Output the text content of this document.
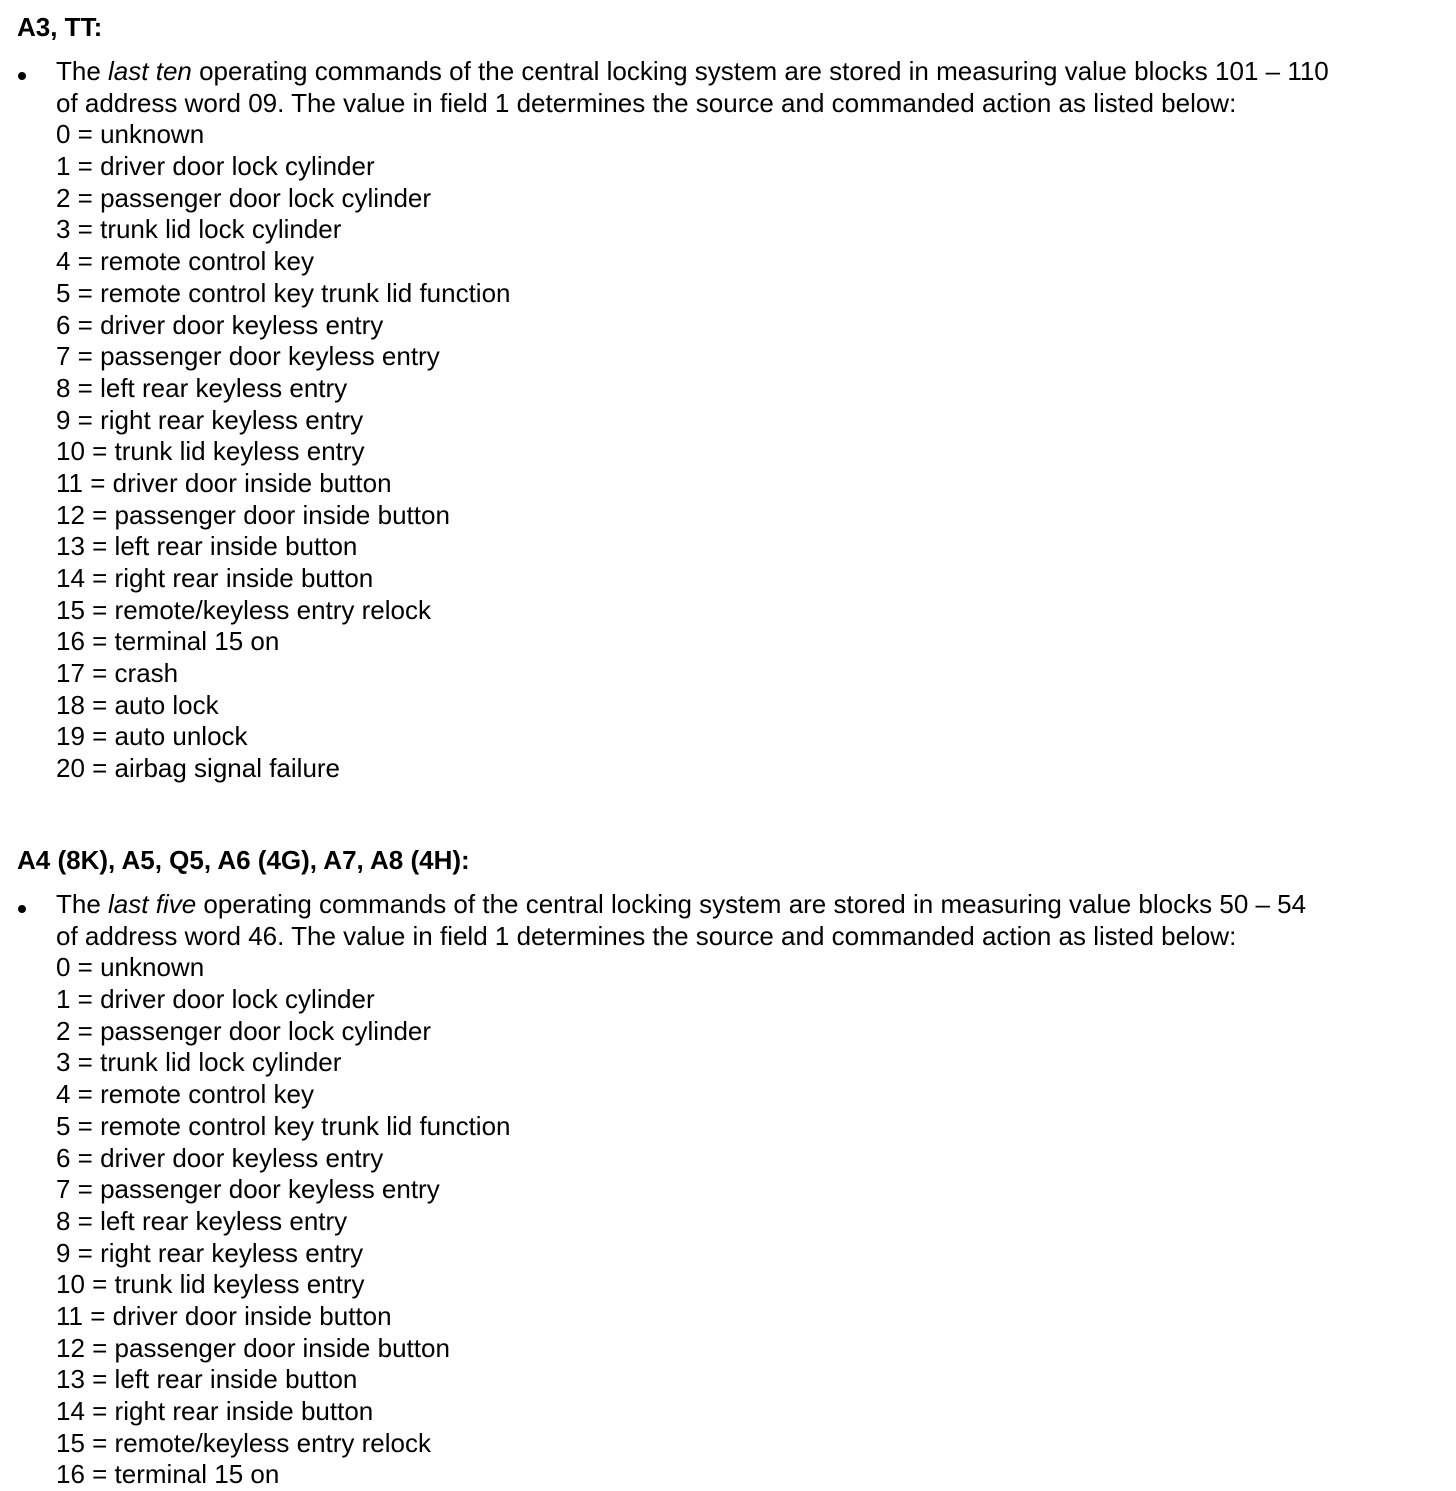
A3, TT:
The last ten operating commands of the central locking system are stored in measuring value blocks 101 – 110
of address word 09. The value in field 1 determines the source and commanded action as listed below:
0 = unknown
1 = driver door lock cylinder
2 = passenger door lock cylinder
3 = trunk lid lock cylinder
4 = remote control key
5 = remote control key trunk lid function
6 = driver door keyless entry
7 = passenger door keyless entry
8 = left rear keyless entry
9 = right rear keyless entry
10 = trunk lid keyless entry
11 = driver door inside button
12 = passenger door inside button
13 = left rear inside button
14 = right rear inside button
15 = remote/keyless entry relock
16 = terminal 15 on
17 = crash
18 = auto lock
19 = auto unlock
20 = airbag signal failure
A4 (8K), A5, Q5, A6 (4G), A7, A8 (4H):
The last five operating commands of the central locking system are stored in measuring value blocks 50 – 54
of address word 46. The value in field 1 determines the source and commanded action as listed below:
0 = unknown
1 = driver door lock cylinder
2 = passenger door lock cylinder
3 = trunk lid lock cylinder
4 = remote control key
5 = remote control key trunk lid function
6 = driver door keyless entry
7 = passenger door keyless entry
8 = left rear keyless entry
9 = right rear keyless entry
10 = trunk lid keyless entry
11 = driver door inside button
12 = passenger door inside button
13 = left rear inside button
14 = right rear inside button
15 = remote/keyless entry relock
16 = terminal 15 on
